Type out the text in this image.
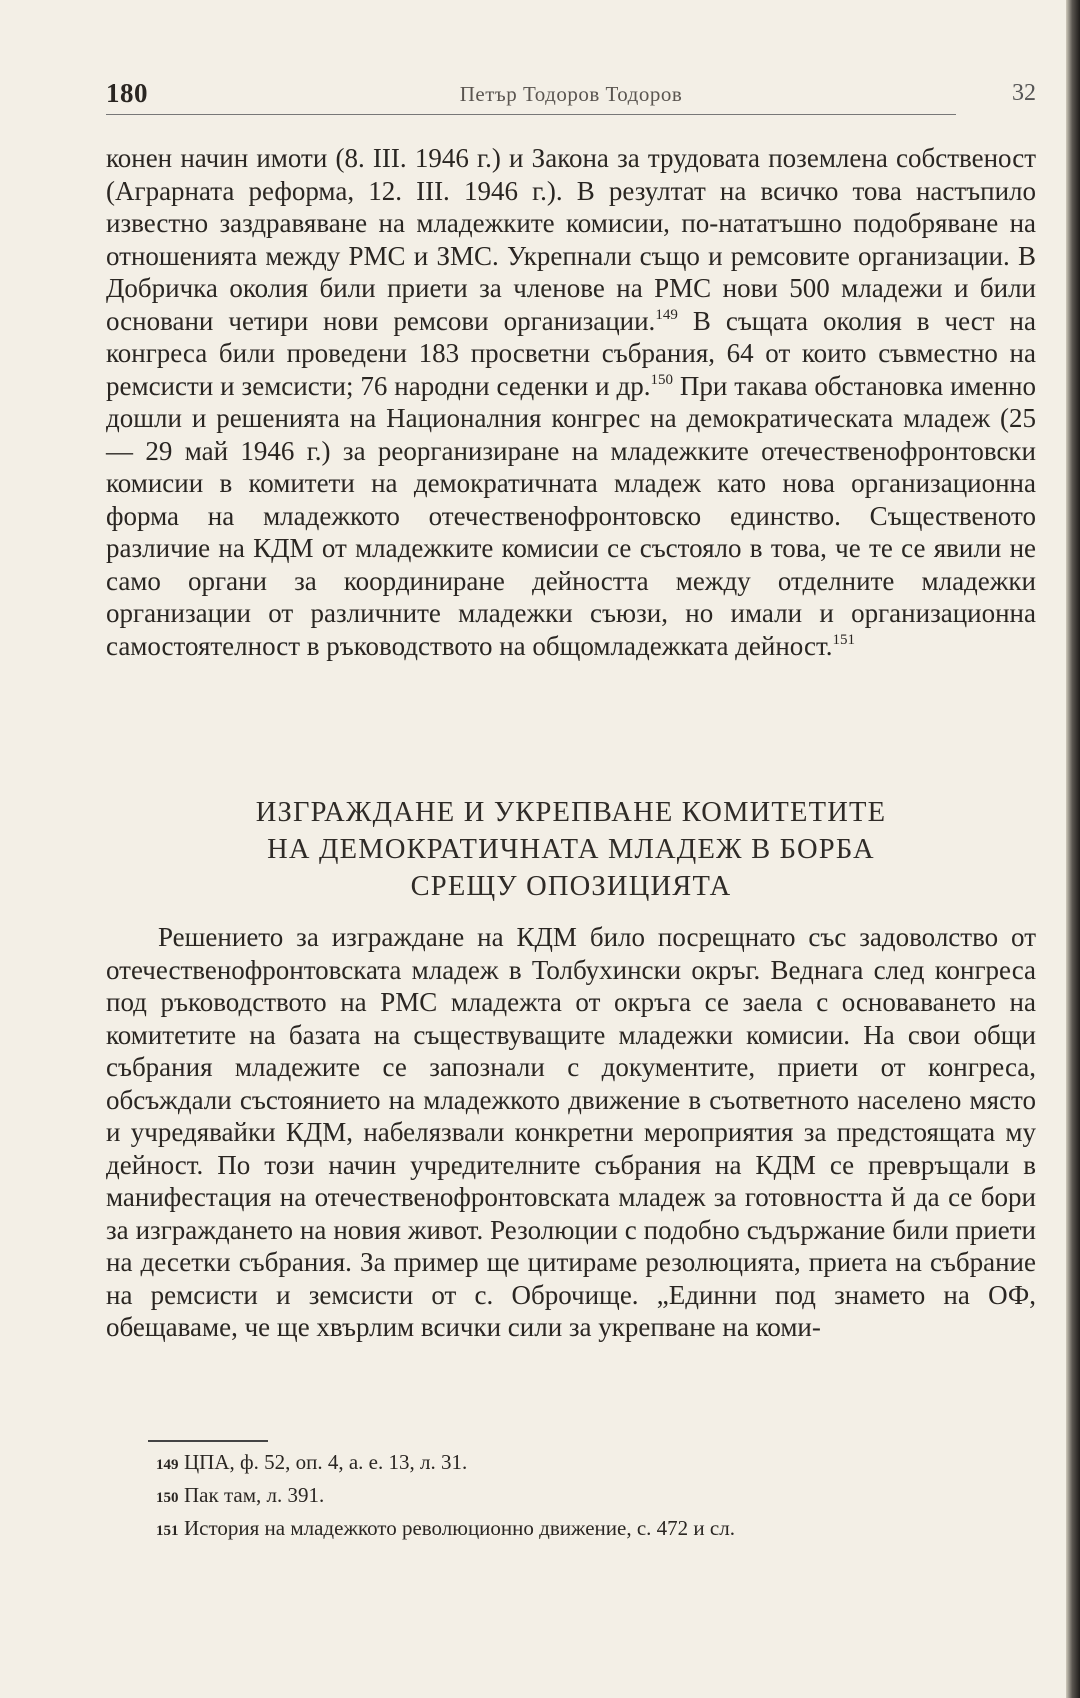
180	Петър Тодоров Тодоров	32

конен начин имоти (8. III. 1946 г.) и Закона за трудовата поземлена собственост (Аграрната реформа, 12. III. 1946 г.). В резултат на всичко това настъпило известно заздравяване на младежките комисии, по-нататъшно подобряване на отношенията между РМС и ЗМС. Укрепнали също и ремсовите организации. В Добричка околия били приети за членове на РМС нови 500 младежи и били основани четири нови ремсови организации.$^{149}$ В същата околия в чест на конгреса били проведени 183 просветни събрания, 64 от които съвместно на ремсисти и земсисти; 76 народни седенки и др.$^{150}$ При такава обстановка именно дошли и решенията на Националния конгрес на демократическата младеж (25 — 29 май 1946 г.) за реорганизиране на младежките отечественофронтовски комисии в комитети на демократичната младеж като нова организационна форма на младежкото отечественофронтовско единство. Същественото различие на КДМ от младежките комисии се състояло в това, че те се явили не само органи за координиране дейността между отделните младежки организации от различните младежки съюзи, но имали и организационна самостоятелност в ръководството на общомладежката дейност.$^{151}$

ИЗГРАЖДАНЕ И УКРЕПВАНЕ КОМИТЕТИТЕ
НА ДЕМОКРАТИЧНАТА МЛАДЕЖ В БОРБА
СРЕЩУ ОПОЗИЦИЯТА

Решението за изграждане на КДМ било посрещнато със задоволство от отечественофронтовската младеж в Толбухински окръг. Веднага след конгреса под ръководството на РМС младежта от окръга се заела с основаването на комитетите на базата на съществуващите младежки комисии. На свои общи събрания младежите се запознали с документите, приети от конгреса, обсъждали състоянието на младежкото движение в съответното населено място и учредявайки КДМ, набелязвали конкретни мероприятия за предстоящата му дейност. По този начин учредителните събрания на КДМ се превръщали в манифестация на отечественофронтовската младеж за готовността й да се бори за изграждането на новия живот. Резолюции с подобно съдържание били приети на десетки събрания. За пример ще цитираме резолюцията, приета на събрание на ремсисти и земсисти от с. Оброчище. „Единни под знамето на ОФ, обещаваме, че ще хвърлим всички сили за укрепване на коми-

149 ЦПА, ф. 52, оп. 4, а. е. 13, л. 31.
150 Пак там, л. 391.
151 История на младежкото революционно движение, с. 472 и сл.
